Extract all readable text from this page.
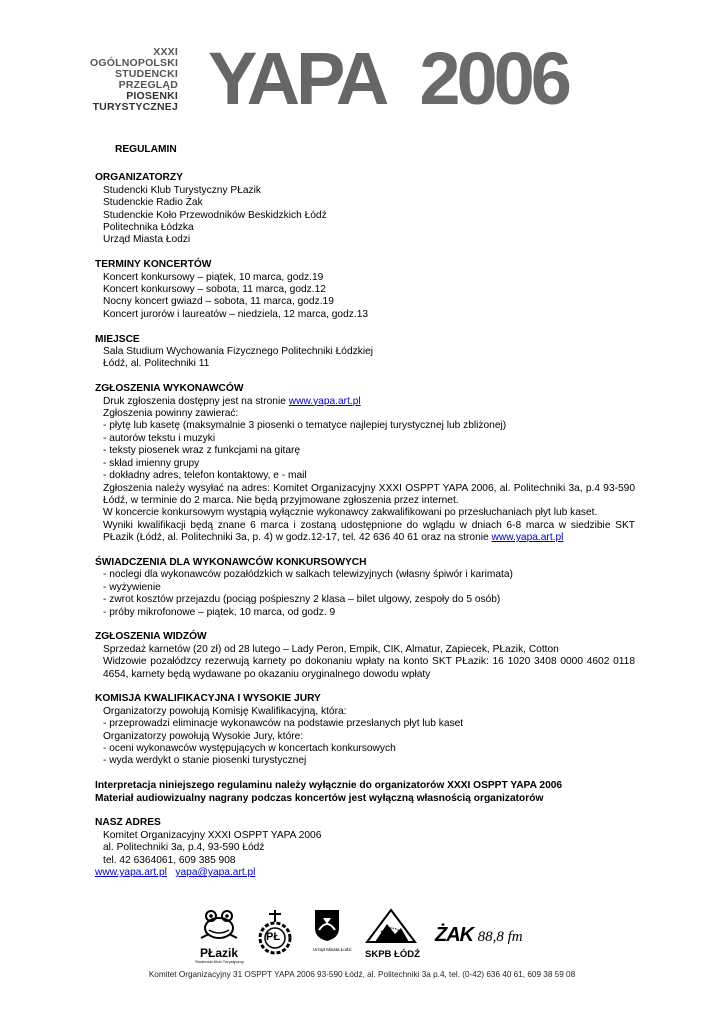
XXXI
OGÓLNOPOLSKI
STUDENCKI
PRZEGLĄD
PIOSENKI
TURYSTYCZNEJ YAPA 2006
REGULAMIN
ORGANIZATORZY
Studencki Klub Turystyczny PŁazik
Studenckie Radio Żak
Studenckie Koło Przewodników Beskidzkich Łódź
Politechnika Łódzka
Urząd Miasta Łodzi
TERMINY KONCERTÓW
Koncert konkursowy – piątek, 10 marca, godz.19
Koncert konkursowy – sobota, 11 marca, godz.12
Nocny koncert gwiazd – sobota, 11 marca, godz.19
Koncert jurorów i laureatów – niedziela, 12 marca, godz.13
MIEJSCE
Sala Studium Wychowania Fizycznego Politechniki Łódzkiej
Łódź, al. Politechniki 11
ZGŁOSZENIA WYKONAWCÓW
Druk zgłoszenia dostępny jest na stronie www.yapa.art.pl
Zgłoszenia powinny zawierać:
- płytę lub kasetę (maksymalnie 3 piosenki o tematyce najlepiej turystycznej lub zbliżonej)
- autorów tekstu i muzyki
- teksty piosenek wraz z funkcjami na gitarę
- skład imienny grupy
- dokładny adres, telefon kontaktowy, e - mail
Zgłoszenia należy wysyłać na adres: Komitet Organizacyjny XXXI OSPPT YAPA 2006, al. Politechniki 3a, p.4 93-590 Łódź, w terminie do 2 marca. Nie będą przyjmowane zgłoszenia przez internet.
W koncercie konkursowym wystąpią wyłącznie wykonawcy zakwalifikowani po przesłuchaniach płyt lub kaset.
Wyniki kwalifikacji będą znane 6 marca i zostaną udostępnione do wglądu w dniach 6-8 marca w siedzibie SKT PŁazik (Łódź, al. Politechniki 3a, p. 4) w godz.12-17, tel. 42 636 40 61 oraz na stronie www.yapa.art.pl
ŚWIADCZENIA DLA WYKONAWCÓW KONKURSOWYCH
- noclegi dla wykonawców pozałódzkich w salkach telewizyjnych (własny śpiwór i karimata)
- wyżywienie
- zwrot kosztów przejazdu (pociąg pośpieszny 2 klasa – bilet ulgowy, zespoły do 5 osób)
- próby mikrofonowe – piątek, 10 marca, od godz. 9
ZGŁOSZENIA WIDZÓW
Sprzedaż karnetów (20 zł) od 28 lutego – Lady Peron, Empik, CIK, Almatur, Zapiecek, PŁazik, Cotton
Widzowie pozałódzcy rezerwują karnety po dokonaniu wpłaty na konto SKT PŁazik: 16 1020 3408 0000 4602 0118 4654, karnety będą wydawane po okazaniu oryginalnego dowodu wpłaty
KOMISJA KWALIFIKACYJNA I WYSOKIE JURY
Organizatorzy powołują Komisję Kwalifikacyjną, która:
- przeprowadzi eliminacje wykonawców na podstawie przesłanych płyt lub kaset
Organizatorzy powołują Wysokie Jury, które:
- oceni wykonawców występujących w koncertach konkursowych
- wyda werdykt o stanie piosenki turystycznej
Interpretacja niniejszego regulaminu należy wyłącznie do organizatorów XXXI OSPPT YAPA 2006
Materiał audiowizualny nagrany podczas koncertów jest wyłączną własnością organizatorów
NASZ ADRES
Komitet Organizacyjny XXXI OSPPT YAPA 2006
al. Politechniki 3a, p.4, 93-590 Łódź
tel. 42 6364061, 609 385 908
www.yapa.art.pl yapa@yapa.art.pl
PŁazik
Studencki Klub Turystyczny
PŁ
Urząd Miasta Łodzi SKPB ŁÓDŹ
ŻAK 88,8 fm
Komitet Organizacyjny 31 OSPPT YAPA 2006 93-590 Łódź, al. Politechniki 3a p.4, tel. (0-42) 636 40 61, 609 38 59 08
